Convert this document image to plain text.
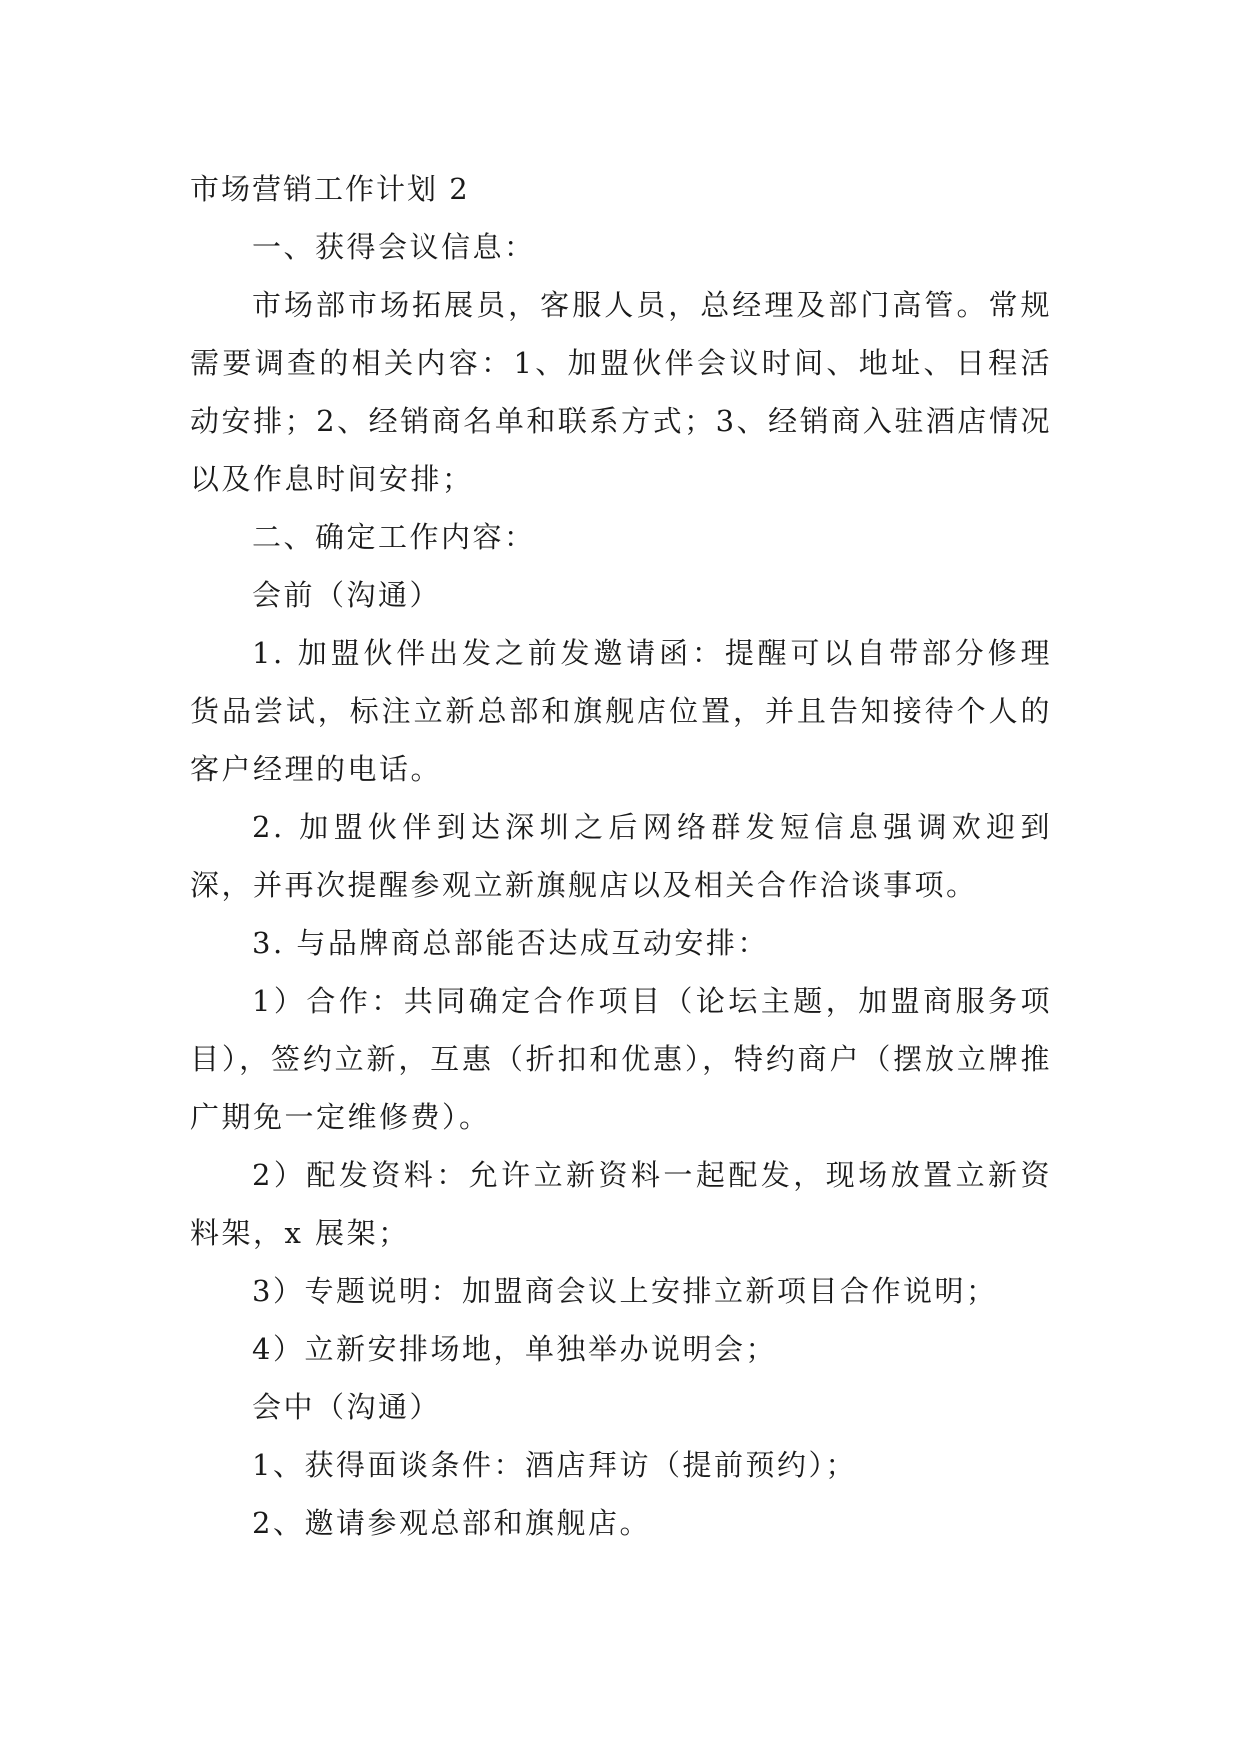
市场营销工作计划 2

一、获得会议信息：

市场部市场拓展员，客服人员，总经理及部门高管。常规需要调查的相关内容：1、加盟伙伴会议时间、地址、日程活动安排；2、经销商名单和联系方式；3、经销商入驻酒店情况以及作息时间安排；

二、确定工作内容：

会前（沟通）

1. 加盟伙伴出发之前发邀请函：提醒可以自带部分修理货品尝试，标注立新总部和旗舰店位置，并且告知接待个人的客户经理的电话。

2. 加盟伙伴到达深圳之后网络群发短信息强调欢迎到深，并再次提醒参观立新旗舰店以及相关合作洽谈事项。

3. 与品牌商总部能否达成互动安排：

1）合作：共同确定合作项目（论坛主题，加盟商服务项目），签约立新，互惠（折扣和优惠），特约商户（摆放立牌推广期免一定维修费）。

2）配发资料：允许立新资料一起配发，现场放置立新资料架，x 展架；

3）专题说明：加盟商会议上安排立新项目合作说明；

4）立新安排场地，单独举办说明会；

会中（沟通）

1、获得面谈条件：酒店拜访（提前预约）；

2、邀请参观总部和旗舰店。
